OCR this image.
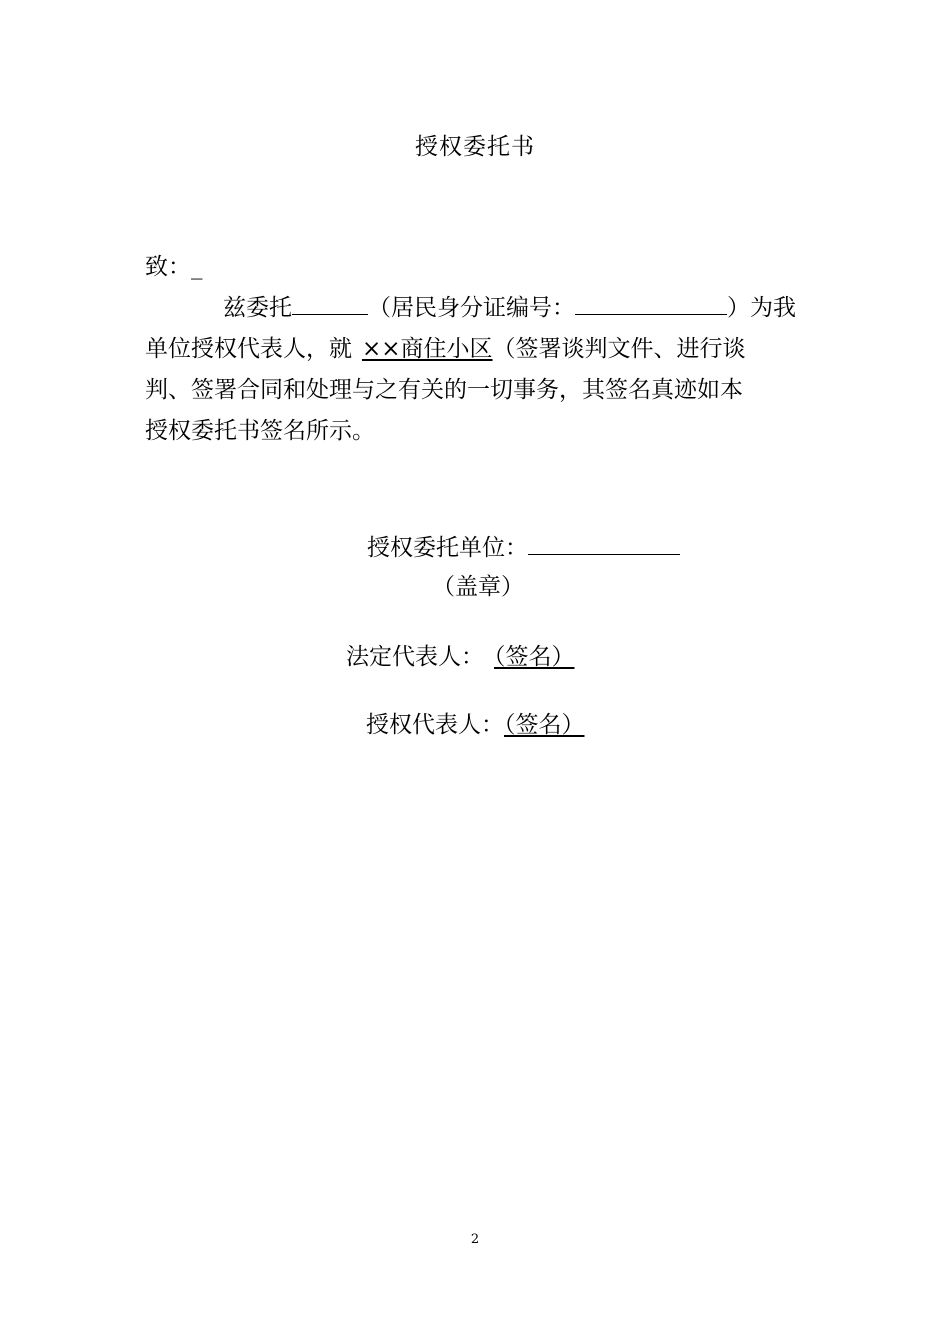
授权委托书
致：_
兹委托	（居民身分证编号：	）为我
单位授权代表人，就 ××商住小区（签署谈判文件、进行谈
判、签署合同和处理与之有关的一切事务，其签名真迹如本
授权委托书签名所示。
授权委托单位：
（盖章）
法定代表人： （签名）
授权代表人：（签名）
2
